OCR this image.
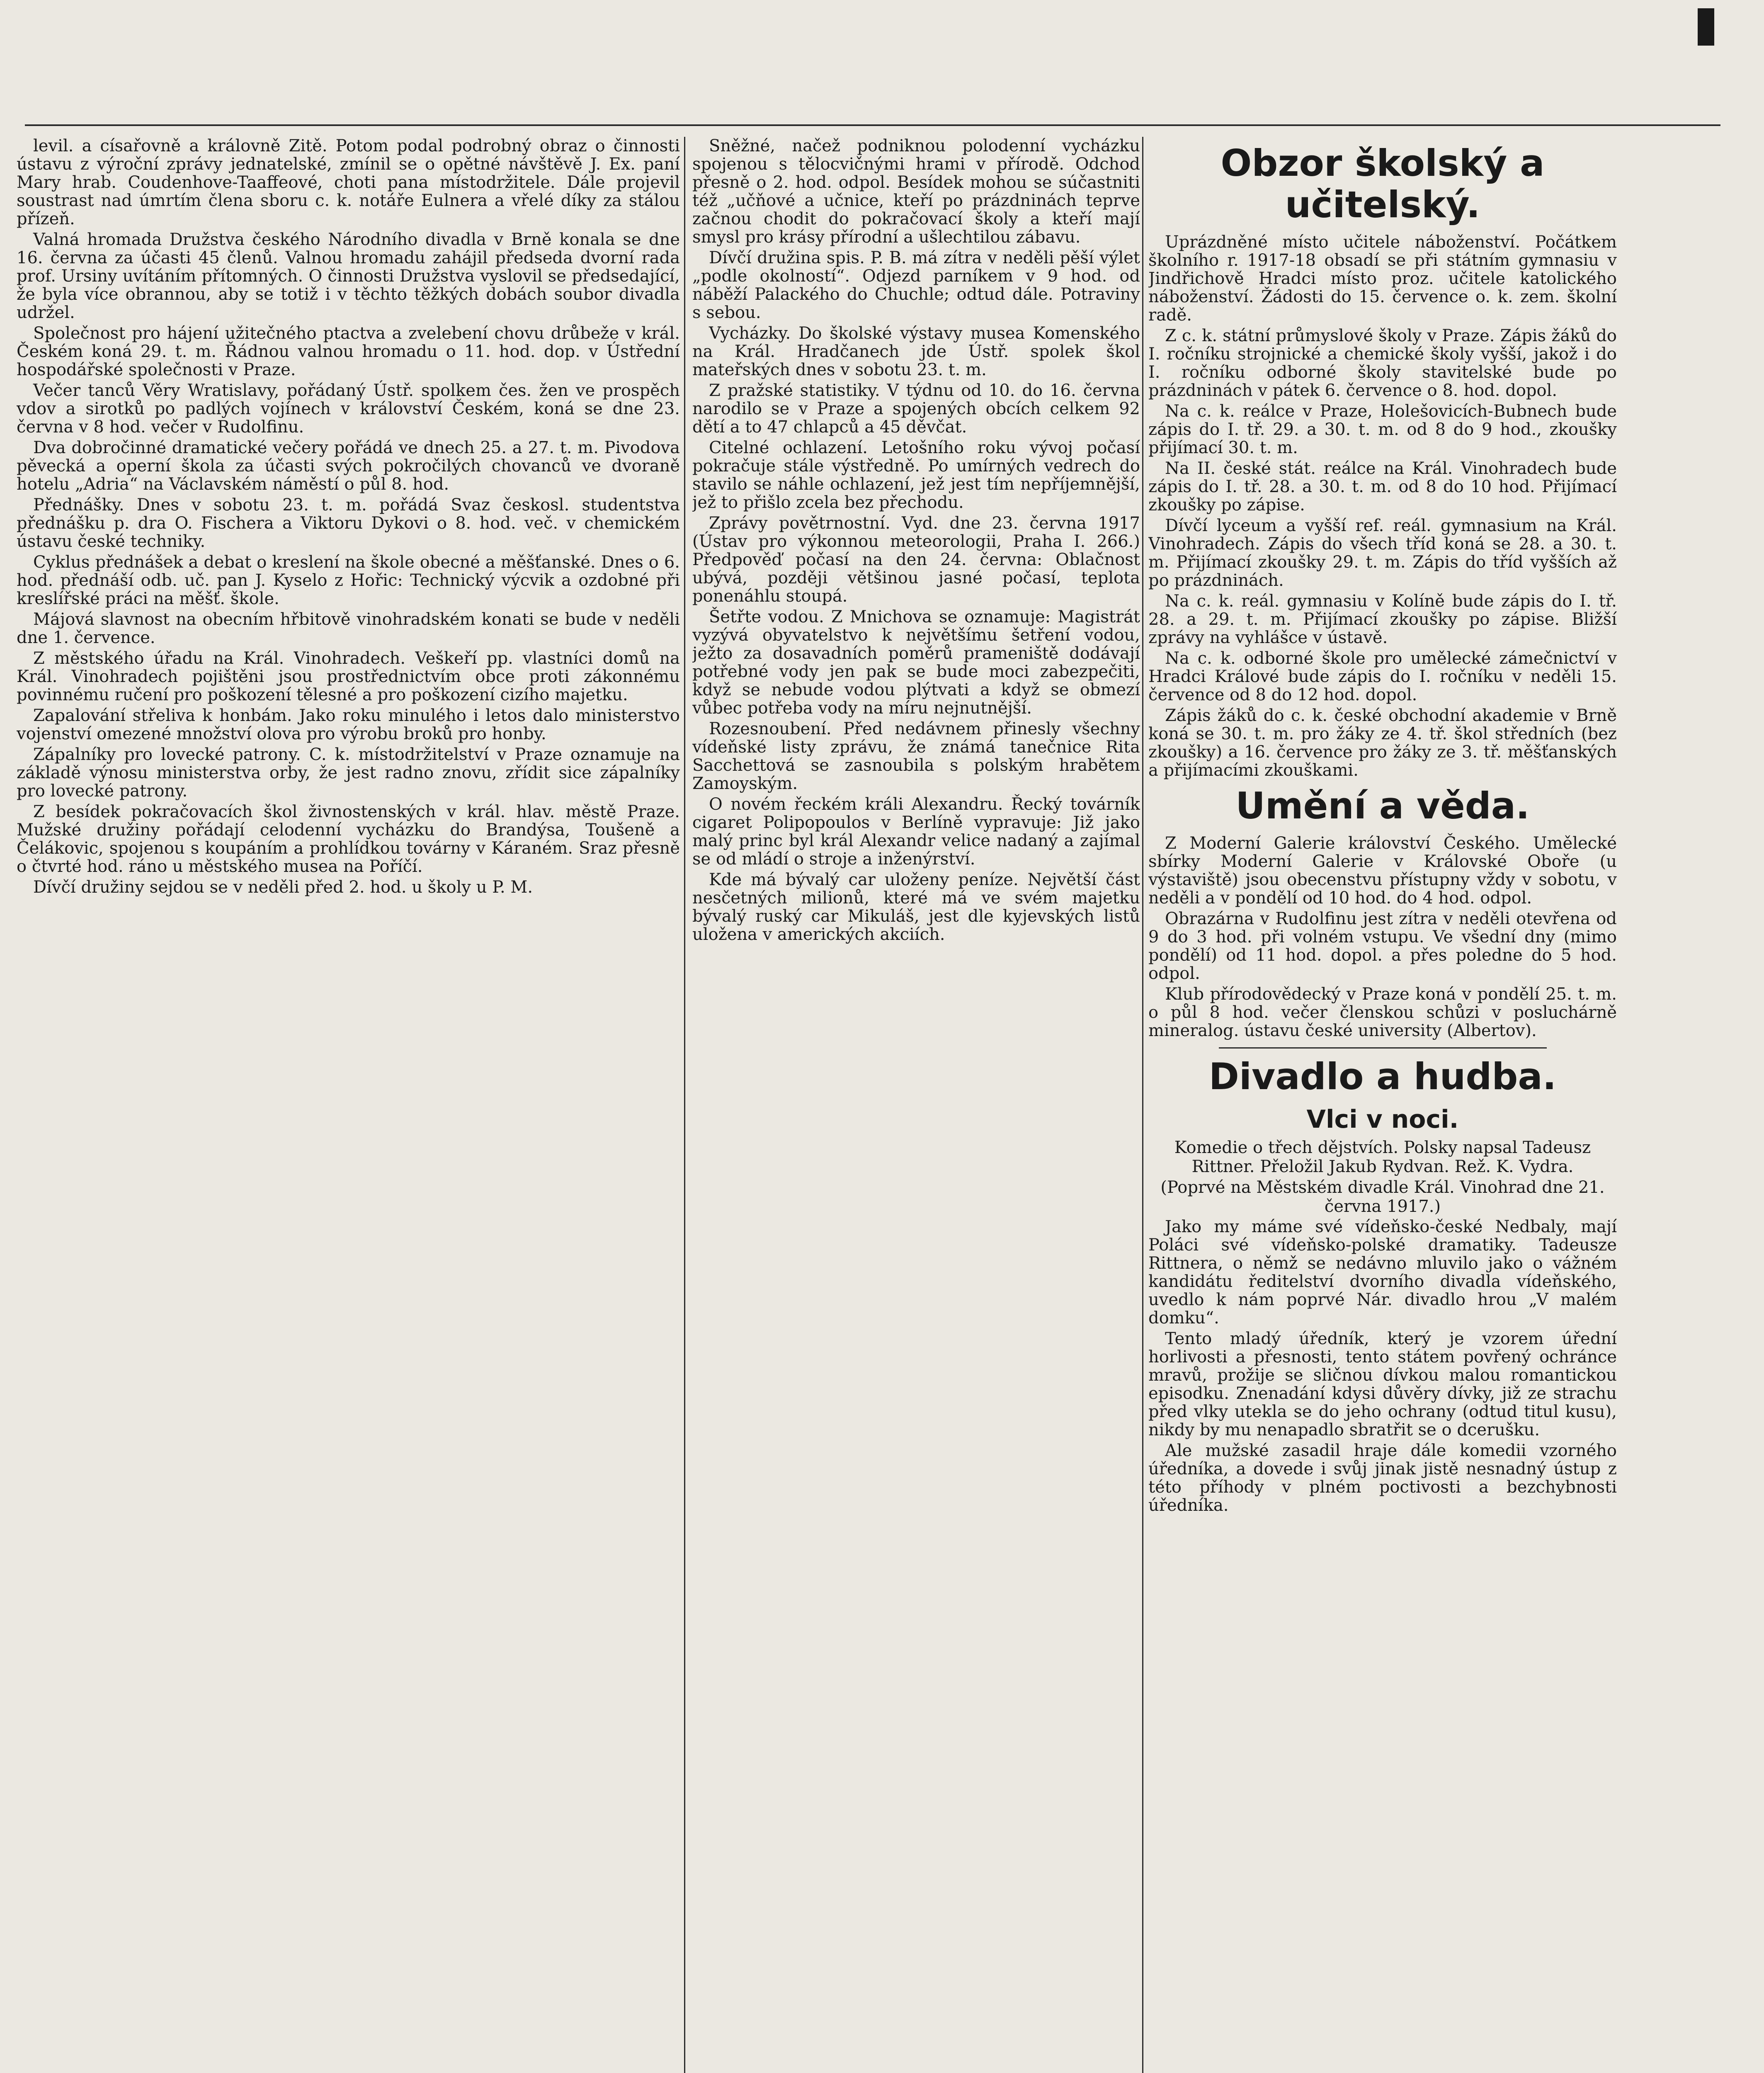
levil. a císařovně a královně Zitě. Potom podal podrobný obraz o činnosti ústavu z výroční zprávy jednatelské, zmínil se o opětné návštěvě J. Ex. paní Mary hrab. Coudenhove-Taaffeové, choti pana místodržitele. Dále projevil soustrast nad úmrtím člena sboru c. k. notáře Eulnera a vřelé díky za stálou přízeň.

Valná hromada Družstva českého Národního divadla v Brně konala se dne 16. června za účasti 45 členů. Valnou hromadu zahájil předseda dvorní rada prof. Ursiny uvítáním přítomných. O činnosti Družstva vyslovil se předsedající, že byla více obrannou, aby se totiž i v těchto těžkých dobách soubor divadla udržel.

Společnost pro hájení užitečného ptactva a zvelebení chovu drůbeže v král. Českém koná 29. t. m. Řádnou valnou hromadu o 11. hod. dop. v Ústřední hospodářské společnosti v Praze.

Večer tanců Věry Wratislavy, pořádaný Ústř. spolkem čes. žen ve prospěch vdov a sirotků po padlých vojínech v království Českém, koná se dne 23. června v 8 hod. večer v Rudolfinu.

Dva dobročinné dramatické večery pořádá ve dnech 25. a 27. t. m. Pivodova pěvecká a operní škola za účasti svých pokročilých chovanců ve dvoraně hotelu „Adria“ na Václavském náměstí o půl 8. hod.

Přednášky. Dnes v sobotu 23. t. m. pořádá Svaz českosl. studentstva přednášku p. dra O. Fischera a Viktoru Dykovi o 8. hod. več. v chemickém ústavu české techniky.

Cyklus přednášek a debat o kreslení na škole obecné a měšťanské. Dnes o 6. hod. přednáší odb. uč. pan J. Kyselo z Hořic: Technický výcvik a ozdobné při kreslířské práci na měšť. škole.

Májová slavnost na obecním hřbitově vinohradském konati se bude v neděli dne 1. července.

Z městského úřadu na Král. Vinohradech. Veškeří pp. vlastníci domů na Král. Vinohradech pojištěni jsou prostřednictvím obce proti zákonnému povinnému ručení pro poškození tělesné a pro poškození cizího majetku.

Zapalování střeliva k honbám. Jako roku minulého i letos dalo ministerstvo vojenství omezené množství olova pro výrobu broků pro honby.

Zápalníky pro lovecké patrony. C. k. místodržitelství v Praze oznamuje na základě výnosu ministerstva orby, že jest radno znovu, zřídit sice zápalníky pro lovecké patrony.

Z besídek pokračovacích škol živnostenských v král. hlav. městě Praze. Mužské družiny pořádají celodenní vycházku do Brandýsa, Toušeně a Čelákovic, spojenou s koupáním a prohlídkou továrny v Káraném. Sraz přesně o čtvrté hod. ráno u městského musea na Poříčí.

Dívčí družiny sejdou se v neděli před 2. hod. u školy u P. M.

Sněžné, načež podniknou polodenní vycházku spojenou s tělocvičnými hrami v přírodě. Odchod přesně o 2. hod. odpol. Besídek mohou se súčastniti též „učňové a učnice, kteří po prázdninách teprve začnou chodit do pokračovací školy a kteří mají smysl pro krásy přírodní a ušlechtilou zábavu.

Dívčí družina spis. P. B. má zítra v neděli pěší výlet „podle okolností“. Odjezd parníkem v 9 hod. od náběží Palackého do Chuchle; odtud dále. Potraviny s sebou.

Vycházky. Do školské výstavy musea Komenského na Král. Hradčanech jde Ústř. spolek škol mateřských dnes v sobotu 23. t. m.

Z pražské statistiky. V týdnu od 10. do 16. června narodilo se v Praze a spojených obcích celkem 92 dětí a to 47 chlapců a 45 děvčat.

Citelné ochlazení. Letošního roku vývoj počasí pokračuje stále výstředně. Po umírných vedrech do stavilo se náhle ochlazení, jež jest tím nepříjemnější, jež to přišlo zcela bez přechodu.

Zprávy povětrnostní. Vyd. dne 23. června 1917 (Ústav pro výkonnou meteorologii, Praha I. 266.) Předpověď počasí na den 24. června: Oblačnost ubývá, později většinou jasné počasí, teplota ponenáhlu stoupá.

Šetřte vodou. Z Mnichova se oznamuje: Magistrát vyzývá obyvatelstvo k největšímu šetření vodou, ježto za dosavadních poměrů prameniště dodávají potřebné vody jen pak se bude moci zabezpečiti, když se nebude vodou plýtvati a když se obmezí vůbec potřeba vody na míru nejnutnější.

Rozesnoubení. Před nedávnem přinesly všechny vídeňské listy zprávu, že známá tanečnice Rita Sacchettová se zasnoubila s polským hrabětem Zamoyským.

O novém řeckém králi Alexandru. Řecký továrník cigaret Polipopoulos v Berlíně vypravuje: Již jako malý princ byl král Alexandr velice nadaný a zajímal se od mládí o stroje a inženýrství.

Kde má bývalý car uloženy peníze. Největší část nesčetných milionů, které má ve svém majetku bývalý ruský car Mikuláš, jest dle kyjevských listů uložena v amerických akciích.

Obzor školský a učitelský.

Uprázdněné místo učitele náboženství. Počátkem školního r. 1917-18 obsadí se při státním gymnasiu v Jindřichově Hradci místo proz. učitele katolického náboženství. Žádosti do 15. července o. k. zem. školní radě.

Z c. k. státní průmyslové školy v Praze. Zápis žáků do I. ročníku strojnické a chemické školy vyšší, jakož i do I. ročníku odborné školy stavitelské bude po prázdninách v pátek 6. července o 8. hod. dopol.

Na c. k. reálce v Praze, Holešovicích-Bubnech bude zápis do I. tř. 29. a 30. t. m. od 8 do 9 hod., zkoušky přijímací 30. t. m.

Na II. české stát. reálce na Král. Vinohradech bude zápis do I. tř. 28. a 30. t. m. od 8 do 10 hod. Přijímací zkoušky po zápise.

Dívčí lyceum a vyšší ref. reál. gymnasium na Král. Vinohradech. Zápis do všech tříd koná se 28. a 30. t. m. Přijímací zkoušky 29. t. m. Zápis do tříd vyšších až po prázdninách.

Na c. k. reál. gymnasiu v Kolíně bude zápis do I. tř. 28. a 29. t. m. Přijímací zkoušky po zápise. Bližší zprávy na vyhlášce v ústavě.

Na c. k. odborné škole pro umělecké zámečnictví v Hradci Králové bude zápis do I. ročníku v neděli 15. července od 8 do 12 hod. dopol.

Zápis žáků do c. k. české obchodní akademie v Brně koná se 30. t. m. pro žáky ze 4. tř. škol středních (bez zkoušky) a 16. července pro žáky ze 3. tř. měšťanských a přijímacími zkouškami.

Umění a věda.

Z Moderní Galerie království Českého. Umělecké sbírky Moderní Galerie v Královské Oboře (u výstaviště) jsou obecenstvu přístupny vždy v sobotu, v neděli a v pondělí od 10 hod. do 4 hod. odpol.

Obrazárna v Rudolfinu jest zítra v neděli otevřena od 9 do 3 hod. při volném vstupu. Ve všední dny (mimo pondělí) od 11 hod. dopol. a přes poledne do 5 hod. odpol.

Klub přírodovědecký v Praze koná v pondělí 25. t. m. o půl 8 hod. večer členskou schůzi v posluchárně mineralog. ústavu české university (Albertov).

Divadlo a hudba.
Vlci v noci.

Komedie o třech dějstvích. Polsky napsal Tadeusz Rittner. Přeložil Jakub Rydvan. Rež. K. Vydra.

(Poprvé na Městském divadle Král. Vinohrad dne 21. června 1917.)

Jako my máme své vídeňsko-české Nedbaly, mají Poláci své vídeňsko-polské dramatiky. Tadeusze Rittnera, o němž se nedávno mluvilo jako o vážném kandidátu ředitelství dvorního divadla vídeňského, uvedlo k nám poprvé Nár. divadlo hrou „V malém domku“.

Tento mladý úředník, který je vzorem úřední horlivosti a přesnosti, tento státem povřený ochránce mravů, prožije se sličnou dívkou malou romantickou episodku. Znenadání kdysi důvěry dívky, již ze strachu před vlky utekla se do jeho ochrany (odtud titul kusu), nikdy by mu nenapadlo sbratřit se o dcerušku.

Ale mužské zasadil hraje dále komedii vzorného úředníka, a dovede i svůj jinak jistě nesnadný ústup z této příhody v plném poctivosti a bezchybnosti úředníka.
